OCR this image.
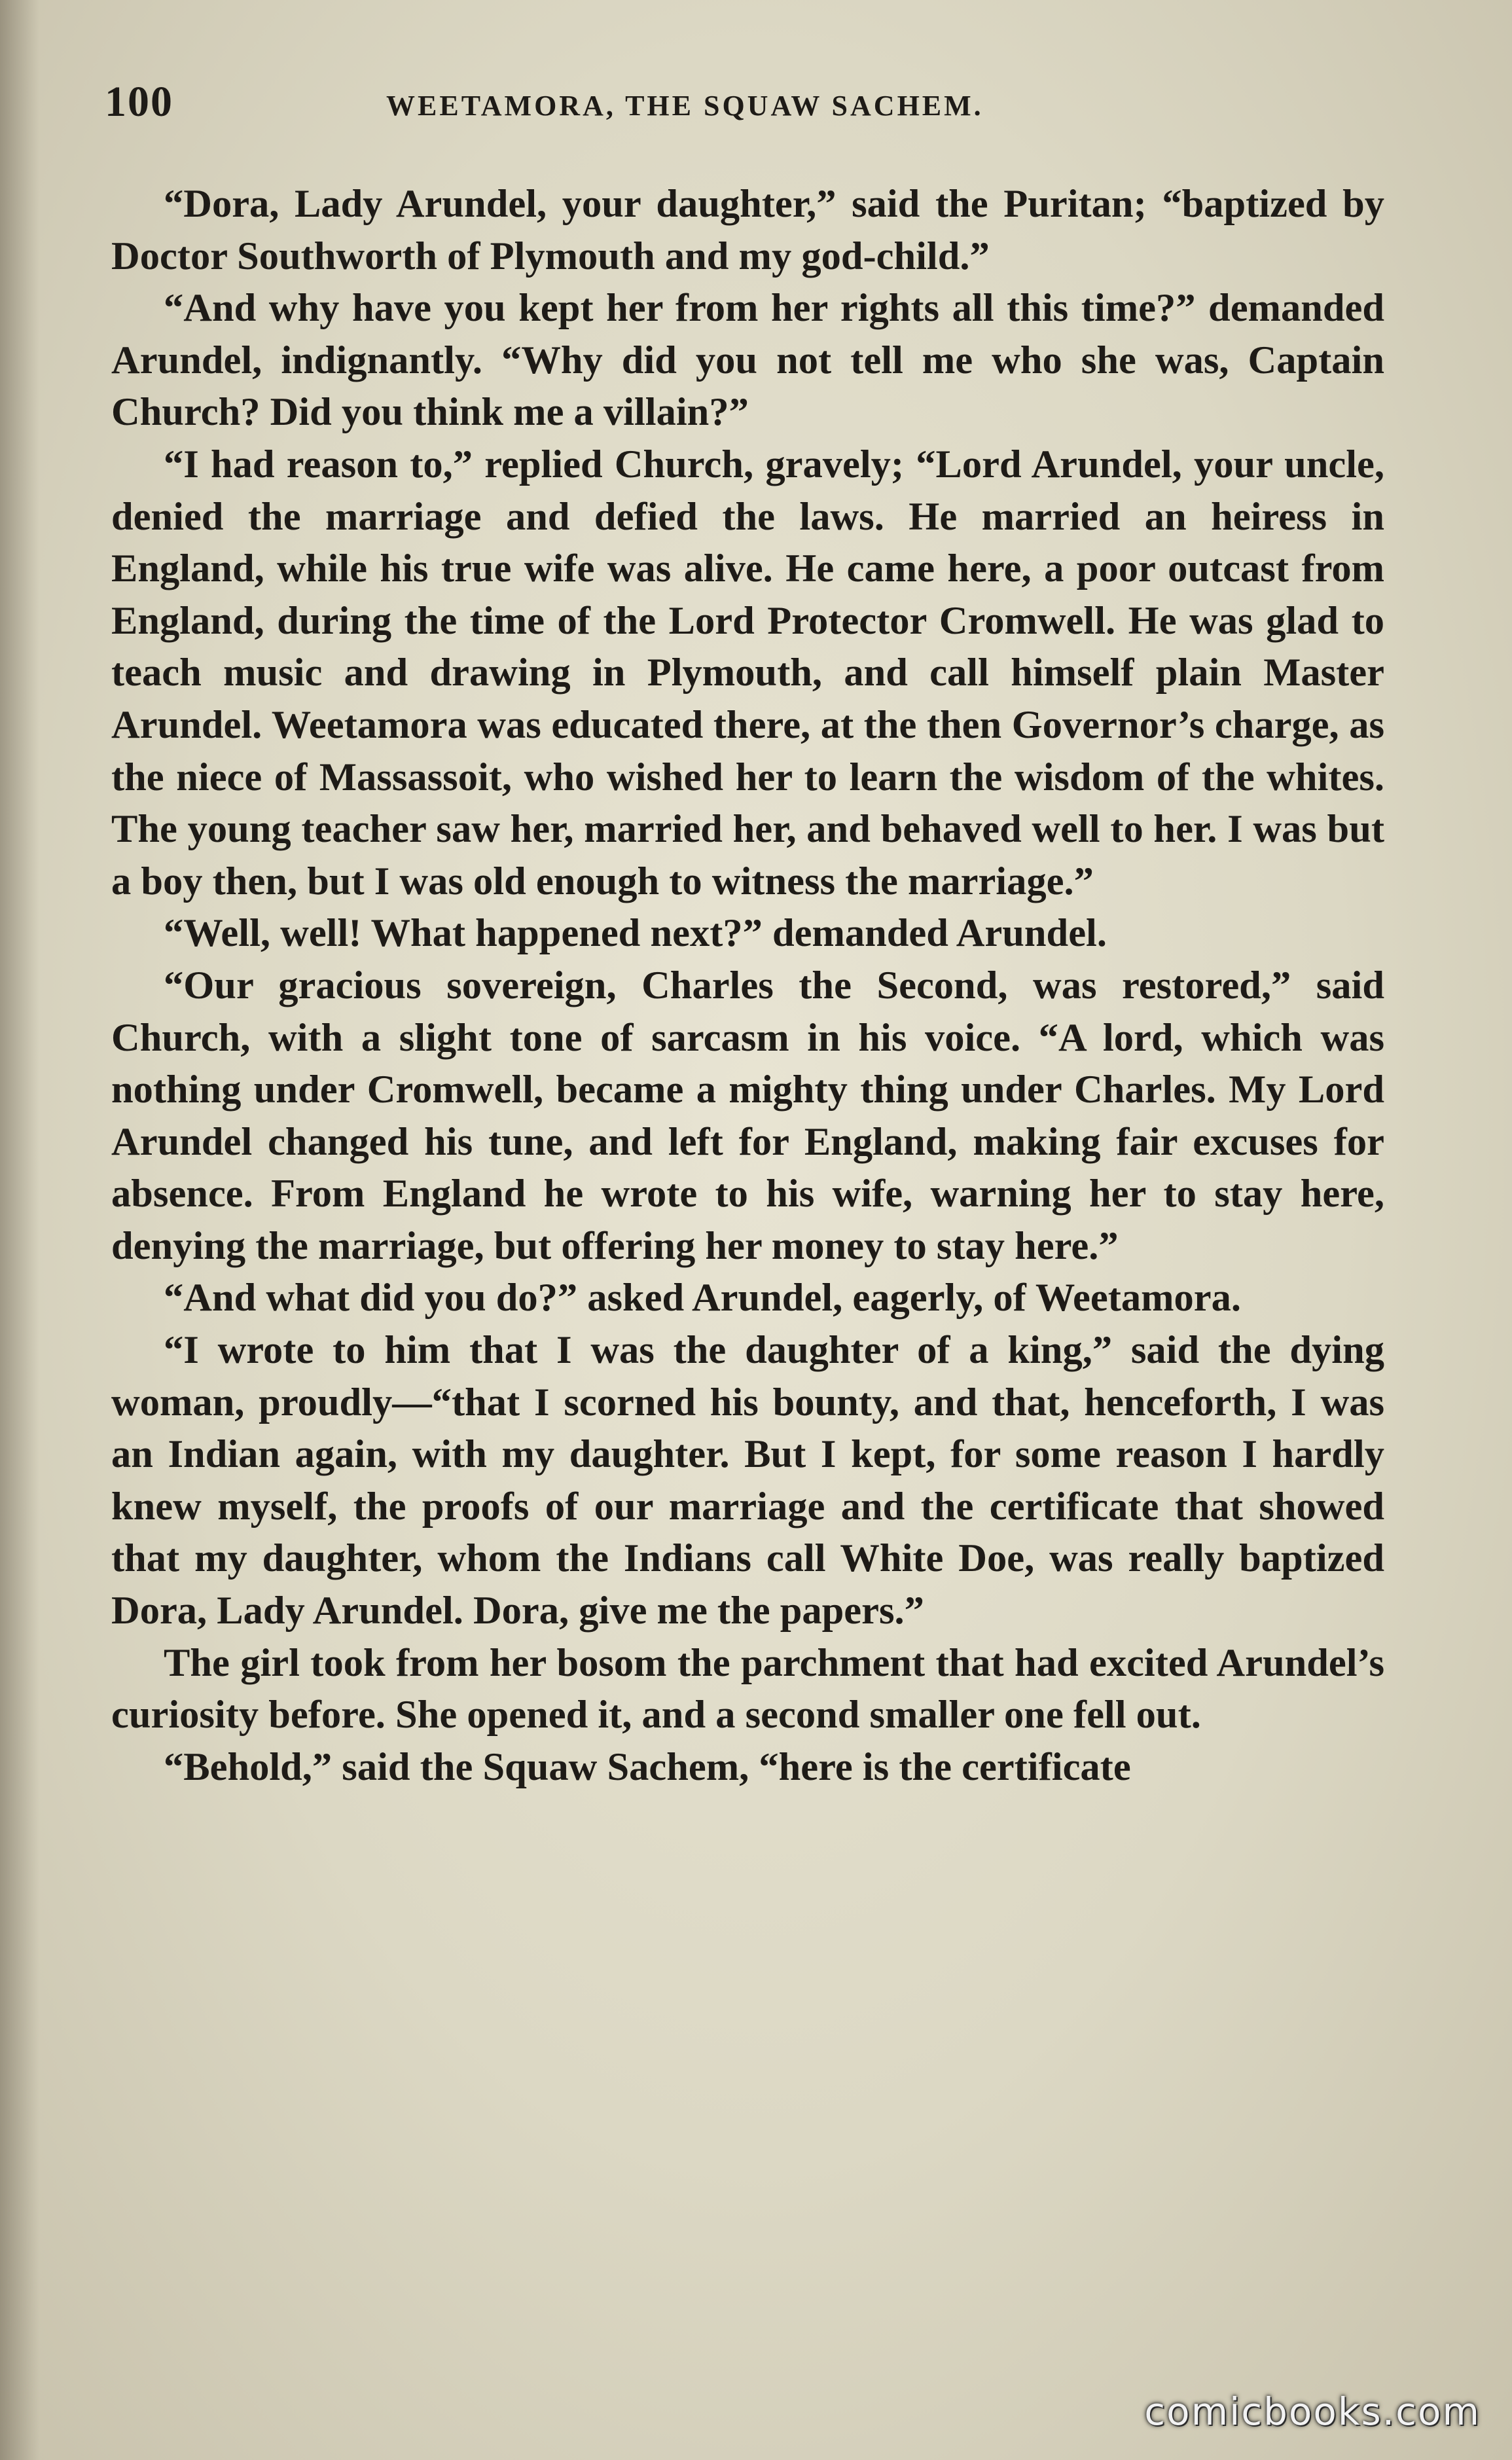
100	WEETAMORA, THE SQUAW SACHEM.

“Dora, Lady Arundel, your daughter,” said the Puritan; “baptized by Doctor Southworth of Plymouth and my god-child.”

“And why have you kept her from her rights all this time?” demanded Arundel, indignantly. “Why did you not tell me who she was, Captain Church? Did you think me a villain?”

“I had reason to,” replied Church, gravely; “Lord Arundel, your uncle, denied the marriage and defied the laws. He married an heiress in England, while his true wife was alive. He came here, a poor outcast from England, during the time of the Lord Protector Cromwell. He was glad to teach music and drawing in Plymouth, and call himself plain Master Arundel. Weetamora was educated there, at the then Governor’s charge, as the niece of Massassoit, who wished her to learn the wisdom of the whites. The young teacher saw her, married her, and behaved well to her. I was but a boy then, but I was old enough to witness the marriage.”

“Well, well! What happened next?” demanded Arundel.

“Our gracious sovereign, Charles the Second, was restored,” said Church, with a slight tone of sarcasm in his voice. “A lord, which was nothing under Cromwell, became a mighty thing under Charles. My Lord Arundel changed his tune, and left for England, making fair excuses for absence. From England he wrote to his wife, warning her to stay here, denying the marriage, but offering her money to stay here.”

“And what did you do?” asked Arundel, eagerly, of Weetamora.

“I wrote to him that I was the daughter of a king,” said the dying woman, proudly—“that I scorned his bounty, and that, henceforth, I was an Indian again, with my daughter. But I kept, for some reason I hardly knew myself, the proofs of our marriage and the certificate that showed that my daughter, whom the Indians call White Doe, was really baptized Dora, Lady Arundel. Dora, give me the papers.”

The girl took from her bosom the parchment that had excited Arundel’s curiosity before. She opened it, and a second smaller one fell out.

“Behold,” said the Squaw Sachem, “here is the certificate

comicbooks.com
